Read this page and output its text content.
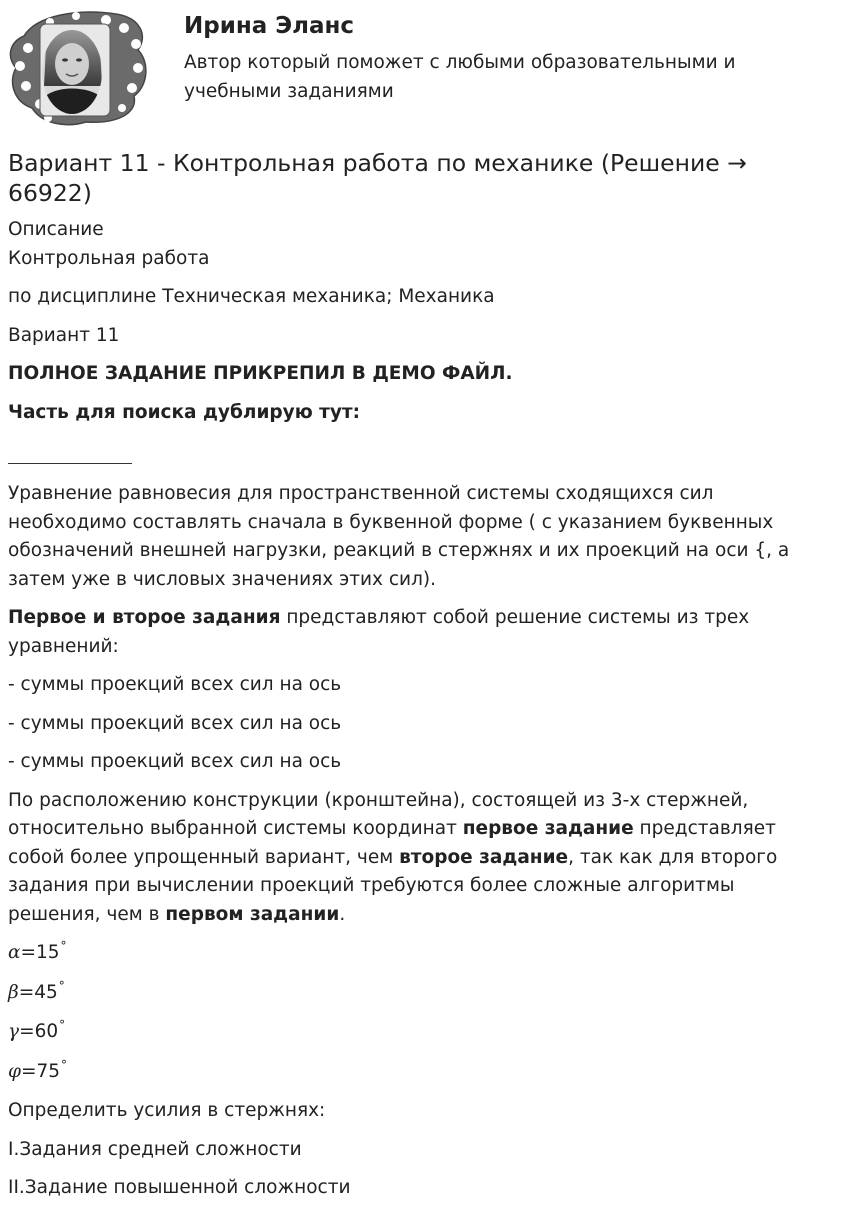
Ирина Эланс
Автор который поможет с любыми образовательными и учебными заданиями
Вариант 11 - Контрольная работа по механике (Решение → 66922)
Описание

Контрольная работа

по дисциплине Техническая механика; Механика

Вариант 11

ПОЛНОЕ ЗАДАНИЕ ПРИКРЕПИЛ В ДЕМО ФАЙЛ.

Часть для поиска дублирую тут:

Уравнение равновесия для пространственной системы сходящихся сил необходимо составлять сначала в буквенной форме ( с указанием буквенных обозначений внешней нагрузки, реакций в стержнях и их проекций на оси {, а затем уже в числовых значениях этих сил).

Первое и второе задания представляют собой решение системы из трех уравнений:

- суммы проекций всех сил на ось

- суммы проекций всех сил на ось

- суммы проекций всех сил на ось

По расположению конструкции (кронштейна), состоящей из 3-х стержней, относительно выбранной системы координат первое задание представляет собой более упрощенный вариант, чем второе задание, так как для второго задания при вычислении проекций требуются более сложные алгоритмы решения, чем в первом задании.

α=15°

β=45°

γ=60°

φ=75°

Определить усилия в стержнях:

I.Задания средней сложности

II.Задание повышенной сложности
